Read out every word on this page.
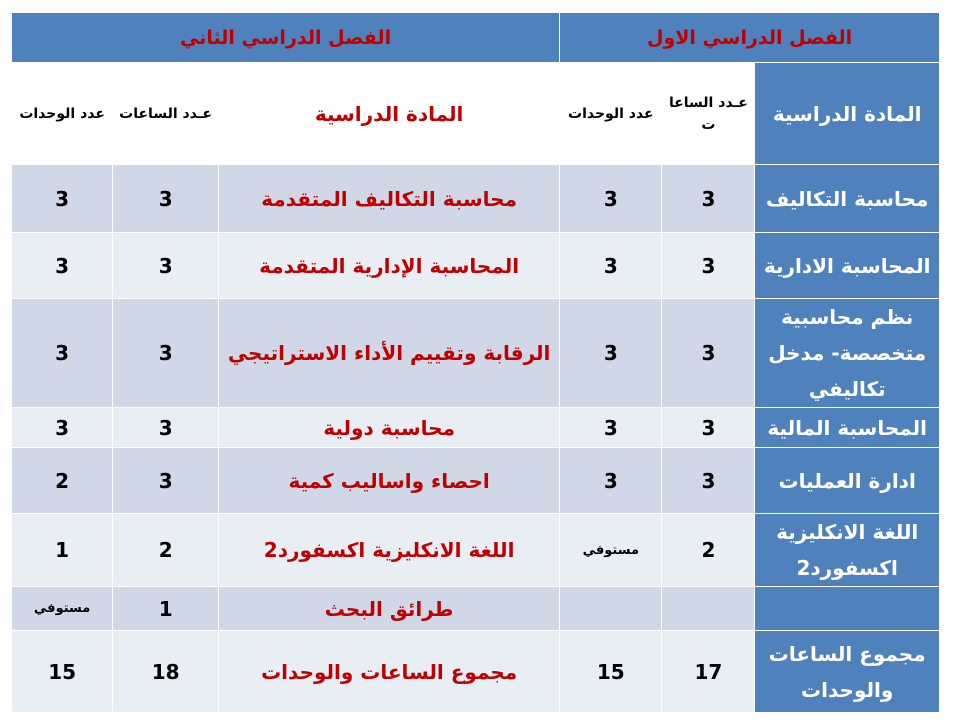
الفصل الدراسي الاول			الفصل الدراسي الثاني		
المادة الدراسية	عـدد الساعا ت	عدد الوحدات	المادة الدراسية	عـدد الساعات	عدد الوحدات
محاسبة التكاليف	3	3	محاسبة التكاليف المتقدمة	3	3
المحاسبة الادارية	3	3	المحاسبة الإدارية المتقدمة	3	3
نظم محاسبية متخصصة- مدخل تكاليفي	3	3	الرقابة وتقييم الأداء الاستراتيجي	3	3
المحاسبة المالية	3	3	محاسبة دولية	3	3
ادارة العمليات	3	3	احصاء واساليب كمية	3	2
اللغة الانكليزية اكسفورد2	2	مستوفي	اللغة الانكليزية اكسفورد2	2	1
			طرائق البحث	1	مستوفي
مجموع الساعات والوحدات	17	15	مجموع الساعات والوحدات	18	15
